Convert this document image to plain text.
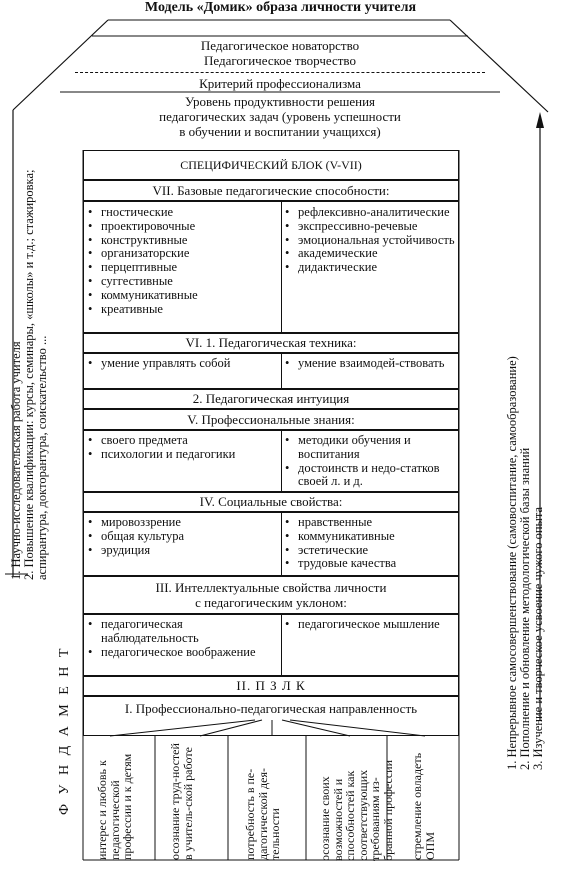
Модель «Домик» образа личности учителя
Педагогическое новаторство
Педагогическое творчество
Критерий профессионализма
Уровень продуктивности решения
педагогических задач (уровень успешности
в обучении и воспитании учащихся)
СПЕЦИФИЧЕСКИЙ БЛОК (V-VII)
VII. Базовые педагогические способности:
• гностические
• проектировочные
• конструктивные
• организаторские
• перцептивные
• суггестивные
• коммуникативные
• креативные
• рефлексивно-аналитические
• экспрессивно-речевые
• эмоциональная устойчивость
• академические
• дидактические
VI. 1. Педагогическая техника:
• умение управлять собой
•	умение взаимодей-ствовать
2. Педагогическая интуиция
V. Профессиональные знания:
• своего предмета
• психологии и педагогики
• методики обучения и воспитания
• достоинств и недо-статков своей л. и д.
IV. Социальные свойства:
• мировоззрение
• общая культура
• эрудиция
• нравственные
• коммуникативные
• эстетические
• трудовые качества
III. Интеллектуальные свойства личности
с педагогическим уклоном:
• педагогическая наблюдательность
• педагогическое воображение
• педагогическое мышление
II. П З Л К
I. Профессионально-педагогическая направленность
интерес и любовь к педагогической профессии и к детям	осознание труд-ностей в учитель-ской работе	потребность в пе-дагогической дея-тельности	осознание своих возможностей и способностей как соответствующих требованиям из-бранной профессии	стремление овладеть ОПМ
Ф У Н Д А М Е Н Т
1. Научно-исследовательская работа учителя 2. Повышение квалификации: курсы, семинары, «школы» и т.д.; стажировка; аспирантура, докторантура, соискательство ...	1. Непрерывное самосовершенствование (самовоспитание, самообразование) 2. Пополнение и обновление методологической базы знаний 3. Изучение и творческое усвоение чужого опыта
